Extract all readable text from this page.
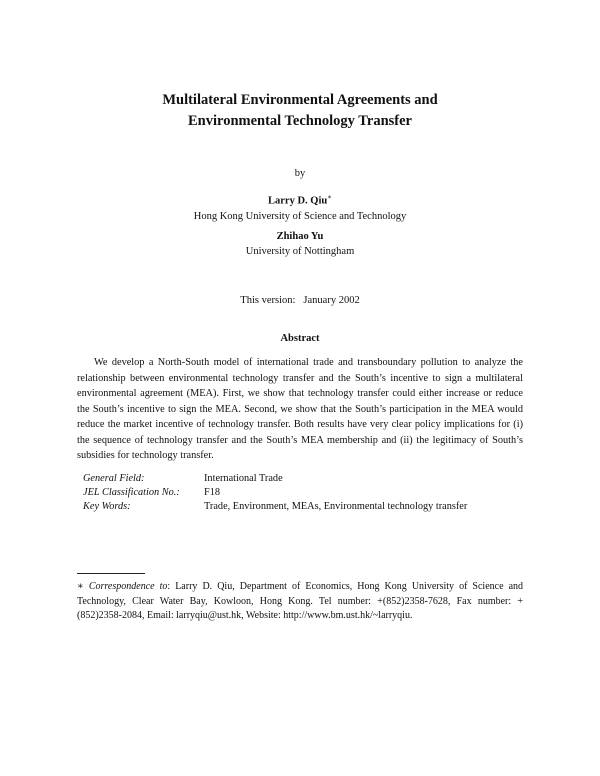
Multilateral Environmental Agreements and
Environmental Technology Transfer
by
Larry D. Qiu∗
Hong Kong University of Science and Technology
Zhihao Yu
University of Nottingham
This version: January 2002
Abstract
We develop a North-South model of international trade and transboundary pollution to analyze the relationship between environmental technology transfer and the South’s incentive to sign a multilateral environmental agreement (MEA). First, we show that technology transfer could either increase or reduce the South’s incentive to sign the MEA. Second, we show that the South’s participation in the MEA would reduce the market incentive of technology transfer. Both results have very clear policy implications for (i) the sequence of technology transfer and the South’s MEA membership and (ii) the legitimacy of South’s subsidies for technology transfer.
General Field:	International Trade
JEL Classification No.:	F18
Key Words:	Trade, Environment, MEAs, Environmental technology transfer
∗ Correspondence to: Larry D. Qiu, Department of Economics, Hong Kong University of Science and Technology, Clear Water Bay, Kowloon, Hong Kong. Tel number: +(852)2358-7628, Fax number: +(852)2358-2084, Email: larryqiu@ust.hk, Website: http://www.bm.ust.hk/~larryqiu.
